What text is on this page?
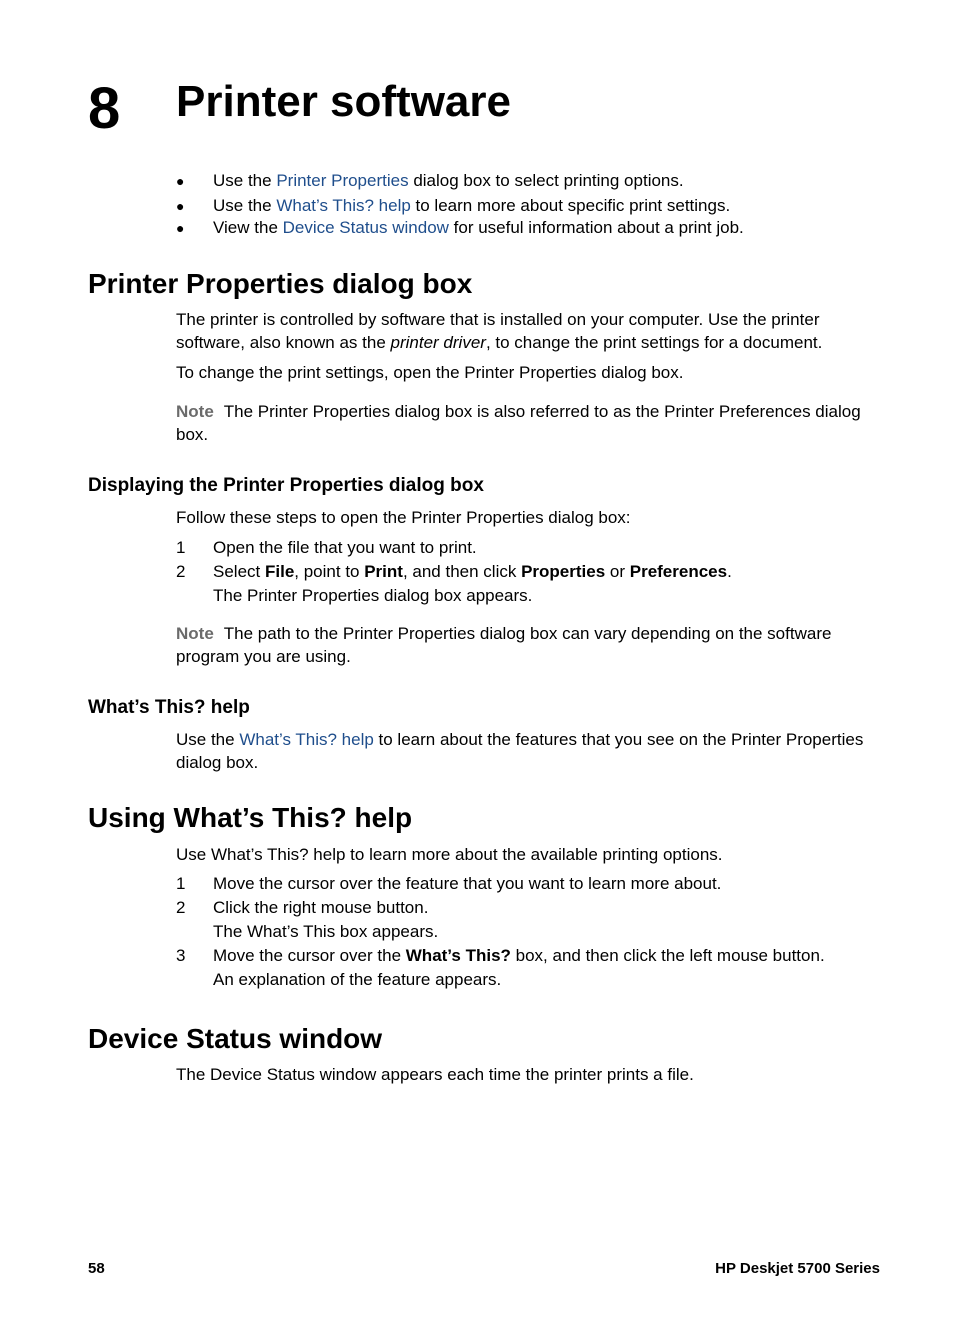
8 Printer software
● Use the Printer Properties dialog box to select printing options.
● Use the What’s This? help to learn more about specific print settings.
● View the Device Status window for useful information about a print job.
Printer Properties dialog box

The printer is controlled by software that is installed on your computer. Use the printer software, also known as the printer driver, to change the print settings for a document.

To change the print settings, open the Printer Properties dialog box.

Note The Printer Properties dialog box is also referred to as the Printer Preferences dialog box.

Displaying the Printer Properties dialog box

Follow these steps to open the Printer Properties dialog box:

1 Open the file that you want to print.
2 Select File, point to Print, and then click Properties or Preferences.
The Printer Properties dialog box appears.

Note The path to the Printer Properties dialog box can vary depending on the software program you are using.

What’s This? help

Use the What’s This? help to learn about the features that you see on the Printer Properties dialog box.

Using What’s This? help

Use What’s This? help to learn more about the available printing options.

1 Move the cursor over the feature that you want to learn more about.
2 Click the right mouse button.
The What’s This box appears.
3 Move the cursor over the What’s This? box, and then click the left mouse button.
An explanation of the feature appears.
Device Status window

The Device Status window appears each time the printer prints a file.

58	HP Deskjet 5700 Series
